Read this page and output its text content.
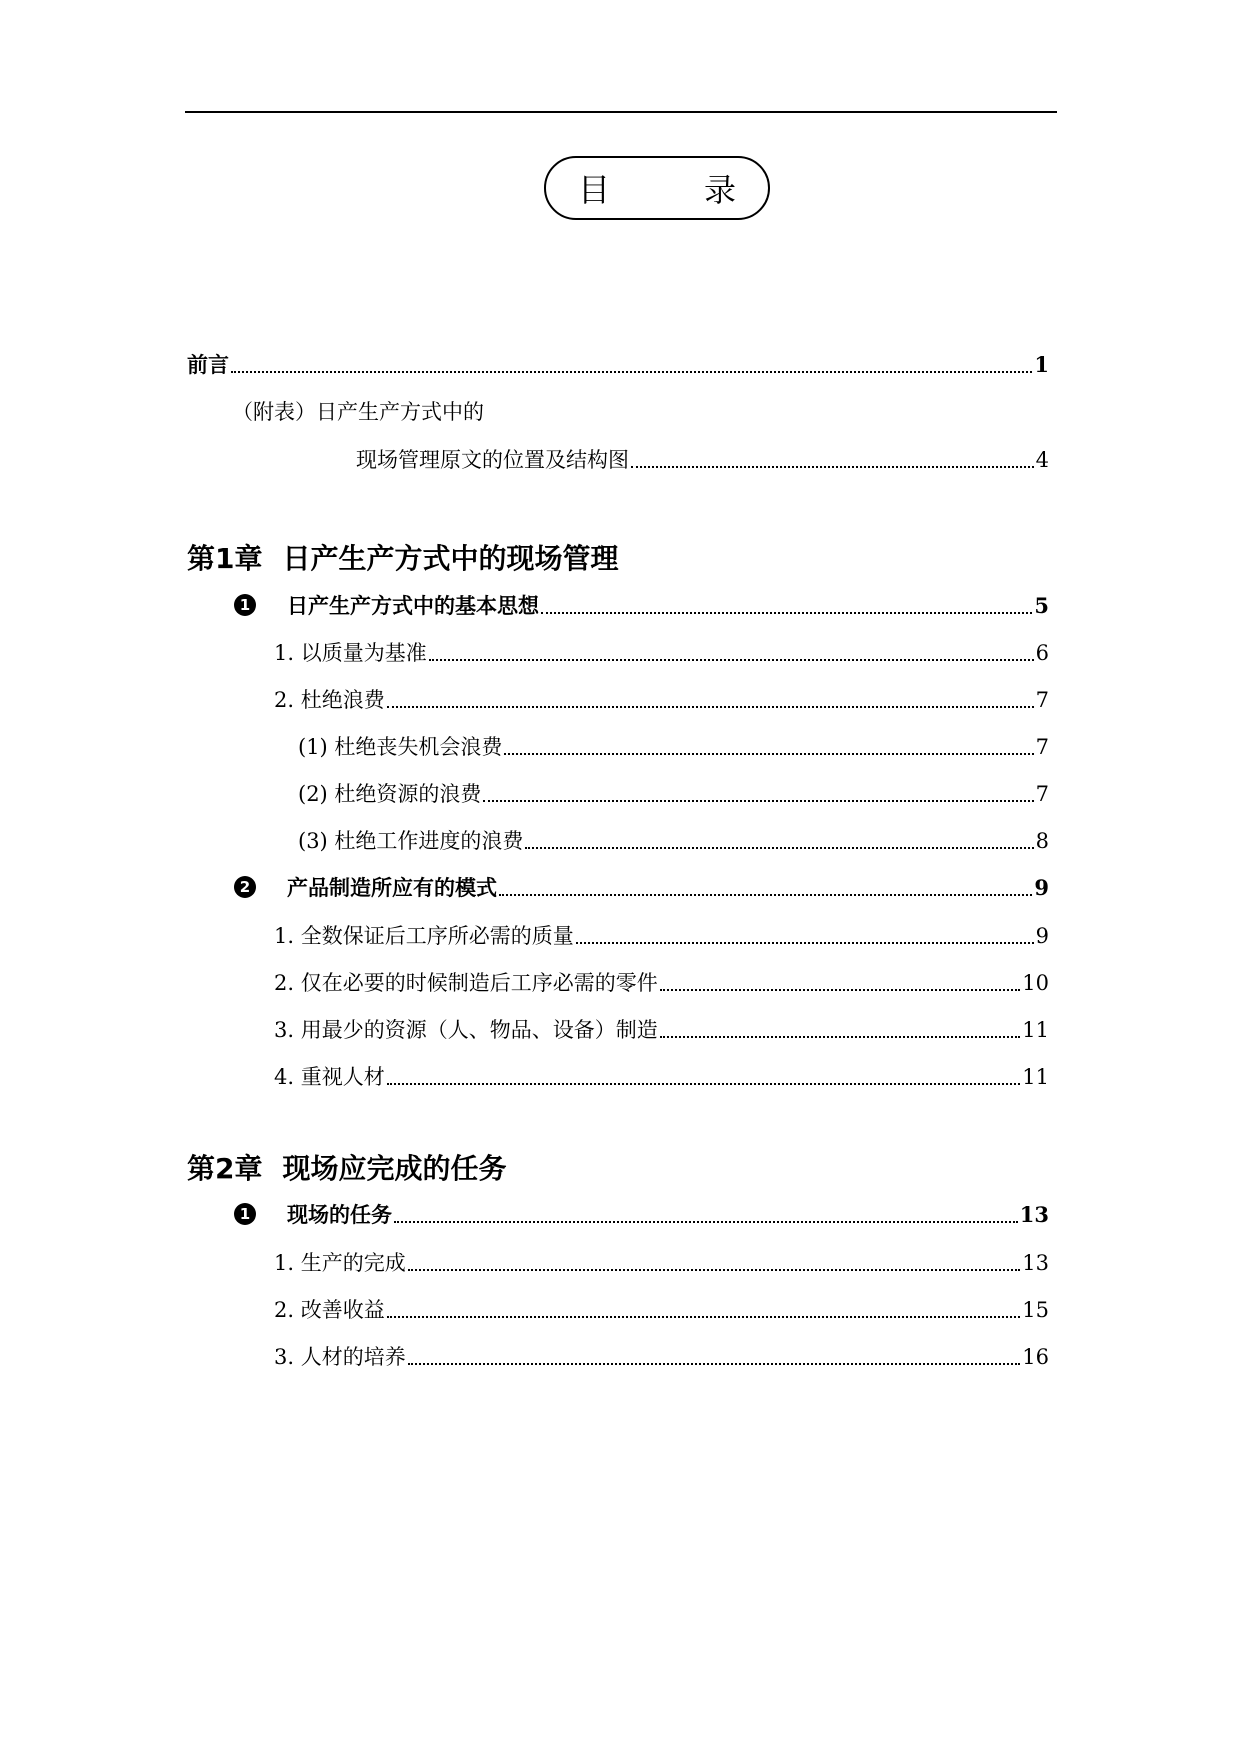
目	录
前言	1
（附表）日产生产方式中的
现场管理原文的位置及结构图	4
第1章 日产生产方式中的现场管理
1 日产生产方式中的基本思想	5
1. 以质量为基准	6
2. 杜绝浪费	7
(1) 杜绝丧失机会浪费	7
(2) 杜绝资源的浪费	7
(3) 杜绝工作进度的浪费	8
2 产品制造所应有的模式	9
1. 全数保证后工序所必需的质量	9
2. 仅在必要的时候制造后工序必需的零件	10
3. 用最少的资源（人、物品、设备）制造	11
4. 重视人材	11
第2章 现场应完成的任务
1 现场的任务	13
1. 生产的完成	13
2. 改善收益	15
3. 人材的培养	16
